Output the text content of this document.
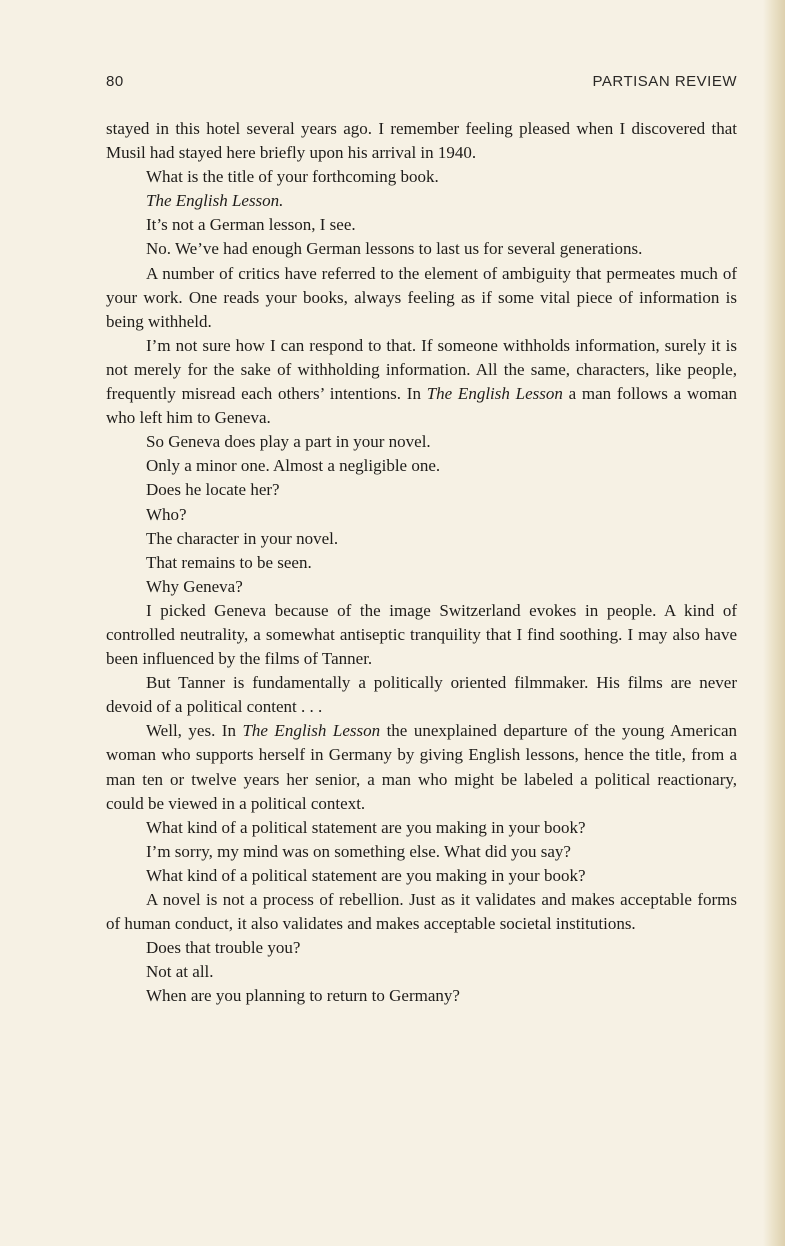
80	PARTISAN REVIEW

stayed in this hotel several years ago. I remember feeling pleased when I discovered that Musil had stayed here briefly upon his arrival in 1940.

What is the title of your forthcoming book.

The English Lesson.

It’s not a German lesson, I see.

No. We’ve had enough German lessons to last us for several generations.

A number of critics have referred to the element of ambiguity that permeates much of your work. One reads your books, always feeling as if some vital piece of information is being withheld.

I’m not sure how I can respond to that. If someone withholds information, surely it is not merely for the sake of withholding information. All the same, characters, like people, frequently misread each others’ intentions. In The English Lesson a man follows a woman who left him to Geneva.

So Geneva does play a part in your novel.

Only a minor one. Almost a negligible one.

Does he locate her?

Who?

The character in your novel.

That remains to be seen.

Why Geneva?

I picked Geneva because of the image Switzerland evokes in people. A kind of controlled neutrality, a somewhat antiseptic tranquility that I find soothing. I may also have been influenced by the films of Tanner.

But Tanner is fundamentally a politically oriented filmmaker. His films are never devoid of a political content . . .

Well, yes. In The English Lesson the unexplained departure of the young American woman who supports herself in Germany by giving English lessons, hence the title, from a man ten or twelve years her senior, a man who might be labeled a political reactionary, could be viewed in a political context.

What kind of a political statement are you making in your book?

I’m sorry, my mind was on something else. What did you say?

What kind of a political statement are you making in your book?

A novel is not a process of rebellion. Just as it validates and makes acceptable forms of human conduct, it also validates and makes acceptable societal institutions.

Does that trouble you?

Not at all.

When are you planning to return to Germany?
